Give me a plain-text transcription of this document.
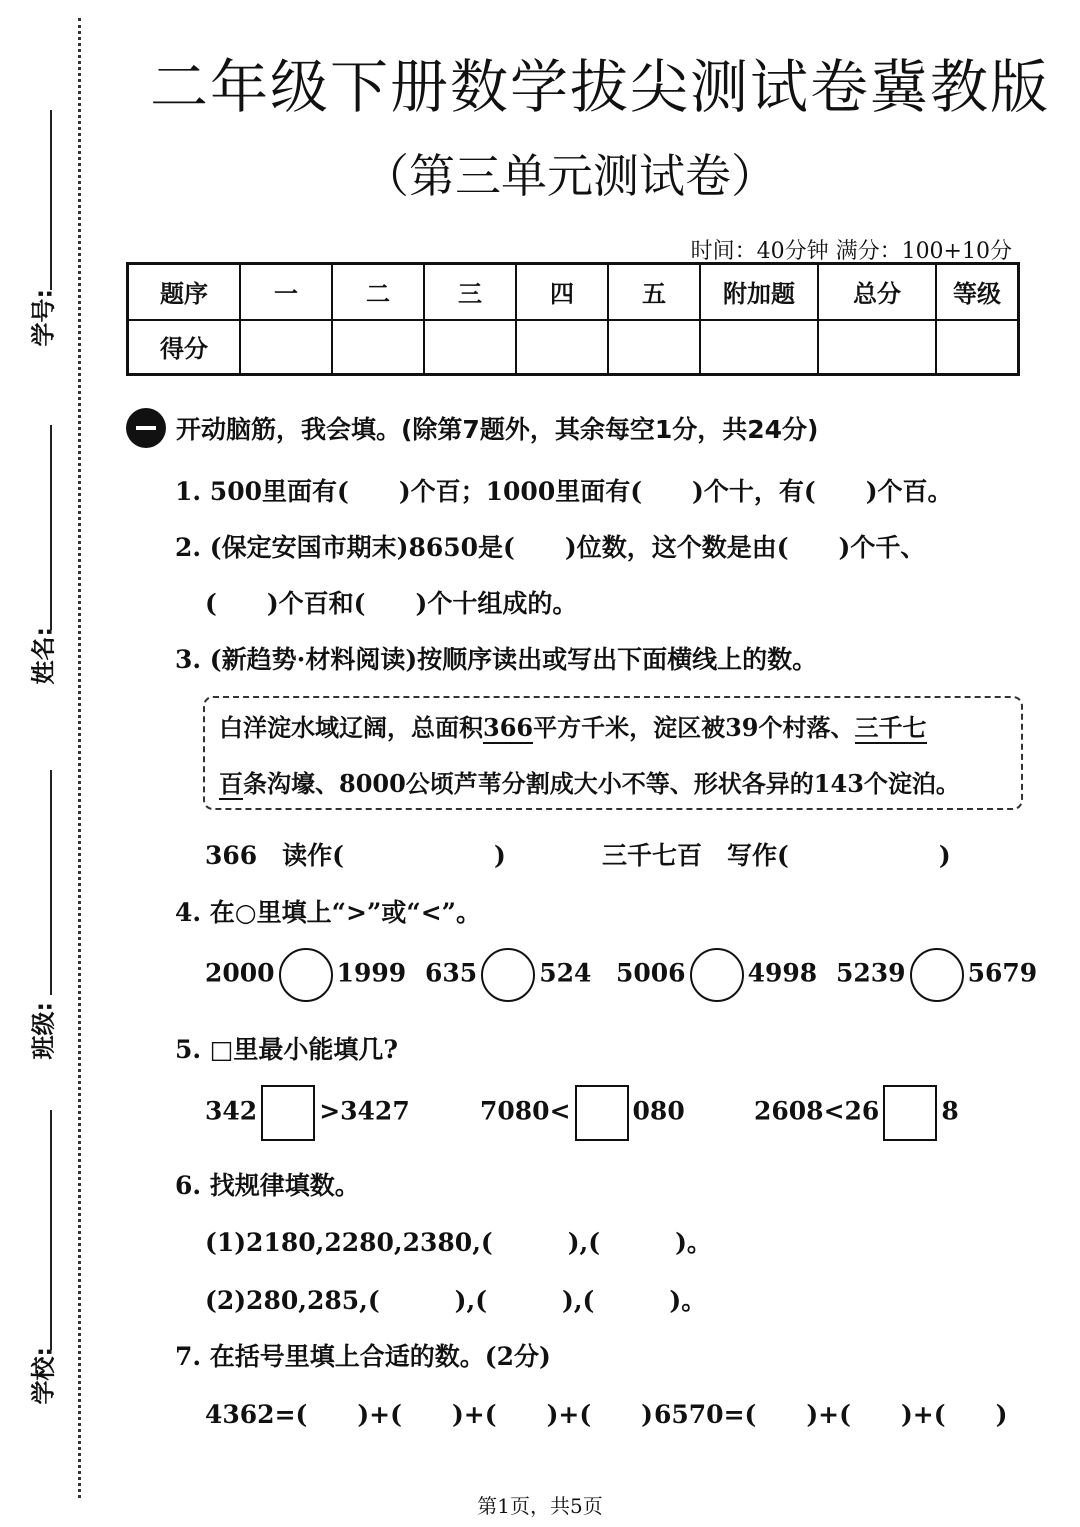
学号:
姓名:
班级:
学校:
二年级下册数学拔尖测试卷冀教版
（第三单元测试卷）
时间：40分钟 满分：100+10分
题序	一	二	三	四	五	附加题	总分	等级
得分								
开动脑筋，我会填。(除第7题外，其余每空1分，共24分)
1. 500里面有(　　)个百；1000里面有(　　)个十，有(　　)个百。
2. (保定安国市期末)8650是(　　)位数，这个数是由(　　)个千、
(　　)个百和(　　)个十组成的。
3. (新趋势·材料阅读)按顺序读出或写出下面横线上的数。
白洋淀水域辽阔，总面积366平方千米，淀区被39个村落、三千七
百条沟壕、8000公顷芦苇分割成大小不等、形状各异的143个淀泊。
366　读作(　　　　　　)	三千七百　写作(　　　　　　)
4. 在○里填上“>”或“<”。
2000 1999 635 524 5006 4998 5239 5679
5. □里最小能填几?
342 >3427	7080< 080	2608<26 8
6. 找规律填数。
(1)2180,2280,2380,(　　　),(　　　)。
(2)280,285,(　　　),(　　　),(　　　)。
7. 在括号里填上合适的数。(2分)
4362=(　　)+(　　)+(　　)+(　　) 6570=(　　)+(　　)+(　　)
第1页，共5页
